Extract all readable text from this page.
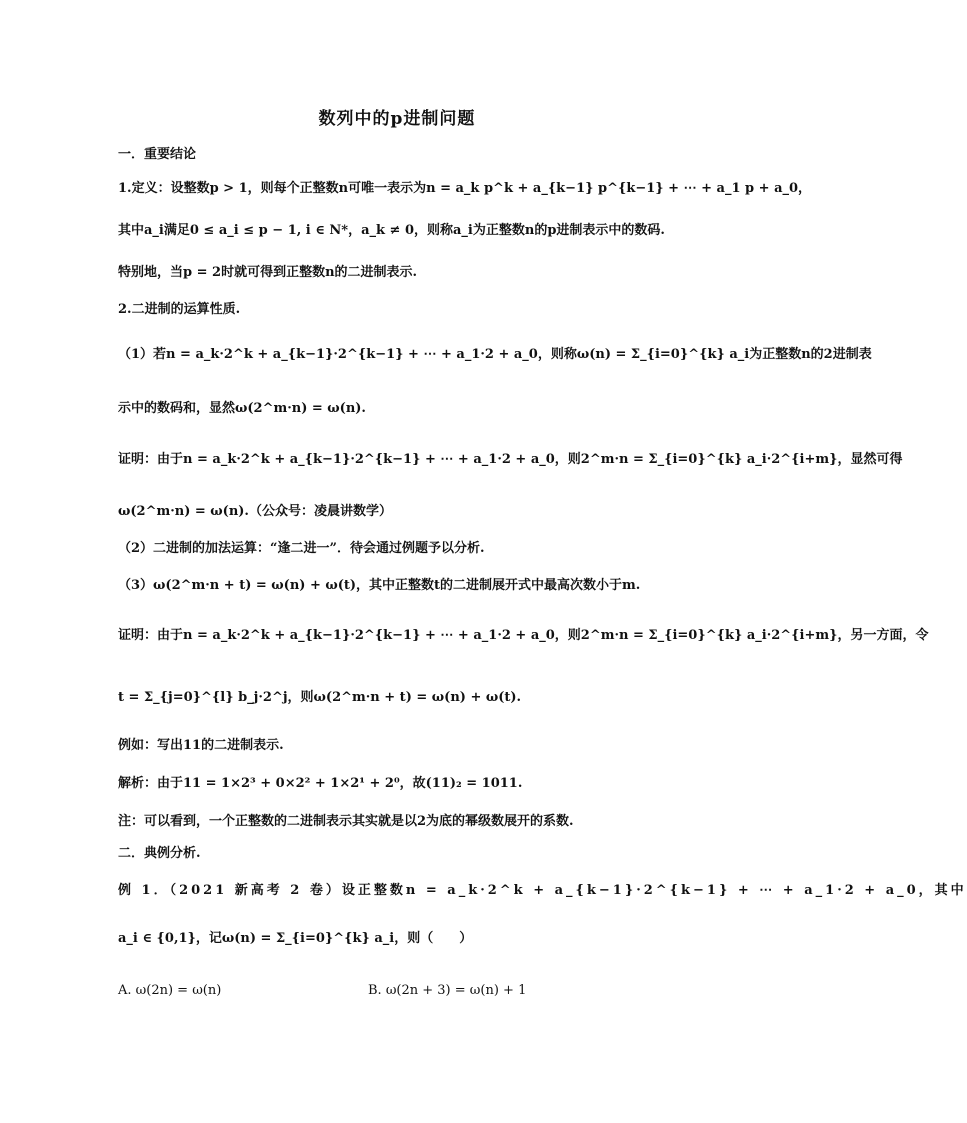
数列中的p进制问题
一．重要结论
1.定义：设整数p > 1，则每个正整数n可唯一表示为n = a_k p^k + a_{k−1} p^{k−1} + ⋯ + a_1 p + a_0，
其中a_i满足0 ≤ a_i ≤ p − 1, i ∈ N*，a_k ≠ 0，则称a_i为正整数n的p进制表示中的数码.
特别地，当p = 2时就可得到正整数n的二进制表示.
2.二进制的运算性质.
（1）若n = a_k·2^k + a_{k−1}·2^{k−1} + ⋯ + a_1·2 + a_0，则称ω(n) = Σ_{i=0}^{k} a_i为正整数n的2进制表
示中的数码和，显然ω(2^m·n) = ω(n).
证明：由于n = a_k·2^k + a_{k−1}·2^{k−1} + ⋯ + a_1·2 + a_0，则2^m·n = Σ_{i=0}^{k} a_i·2^{i+m}，显然可得
ω(2^m·n) = ω(n).（公众号：凌晨讲数学）
（2）二进制的加法运算：“逢二进一”．待会通过例题予以分析.
（3）ω(2^m·n + t) = ω(n) + ω(t)，其中正整数t的二进制展开式中最高次数小于m.
证明：由于n = a_k·2^k + a_{k−1}·2^{k−1} + ⋯ + a_1·2 + a_0，则2^m·n = Σ_{i=0}^{k} a_i·2^{i+m}，另一方面，令
t = Σ_{j=0}^{l} b_j·2^j，则ω(2^m·n + t) = ω(n) + ω(t).
例如：写出11的二进制表示.
解析：由于11 = 1×2³ + 0×2² + 1×2¹ + 2⁰，故(11)₂ = 1011.
注：可以看到，一个正整数的二进制表示其实就是以2为底的幂级数展开的系数.
二．典例分析.
例 1．（2021 新高考 2 卷）设正整数n = a_k·2^k + a_{k−1}·2^{k−1} + ⋯ + a_1·2 + a_0，其中
a_i ∈ {0,1}，记ω(n) = Σ_{i=0}^{k} a_i，则（　　）
A. ω(2n) = ω(n)	B. ω(2n + 3) = ω(n) + 1
